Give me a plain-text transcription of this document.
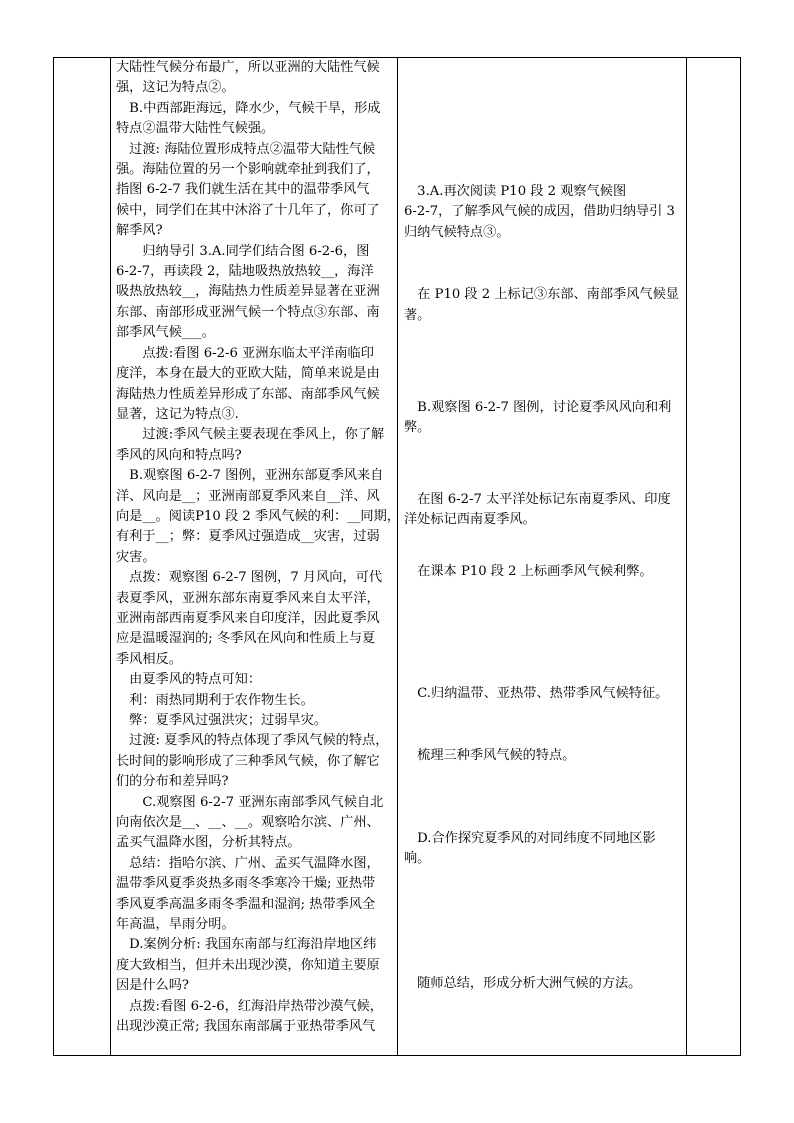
大陆性气候分布最广，所以亚洲的大陆性气候

强，这记为特点②。

　B.中西部距海远，降水少，气候干旱，形成

特点②温带大陆性气候强。

　过渡: 海陆位置形成特点②温带大陆性气候

强。海陆位置的另一个影响就牵扯到我们了，

指图 6-2-7 我们就生活在其中的温带季风气

候中，同学们在其中沐浴了十几年了，你可了

解季风?

　　归纳导引 3.A.同学们结合图 6-2-6，图

6-2-7，再读段 2，陆地吸热放热较__，海洋

吸热放热较__，海陆热力性质差异显著在亚洲

东部、南部形成亚洲气候一个特点③东部、南

部季风气候___。

　　点拨:看图 6-2-6 亚洲东临太平洋南临印

度洋，本身在最大的亚欧大陆，简单来说是由

海陆热力性质差异形成了东部、南部季风气候

显著，这记为特点③.

　　过渡:季风气候主要表现在季风上，你了解

季风的风向和特点吗?

　B.观察图 6-2-7 图例，亚洲东部夏季风来自

洋、风向是__；亚洲南部夏季风来自__洋、风

向是__。阅读P10 段 2 季风气候的利：__同期，

有利于__；弊：夏季风过强造成__灾害，过弱

灾害。

　点拨：观察图 6-2-7 图例，7 月风向，可代

表夏季风，亚洲东部东南夏季风来自太平洋，

亚洲南部西南夏季风来自印度洋，因此夏季风

应是温暖湿润的; 冬季风在风向和性质上与夏

季风相反。

　由夏季风的特点可知：

　利：雨热同期利于农作物生长。

　弊：夏季风过强洪灾；过弱旱灾。

　过渡: 夏季风的特点体现了季风气候的特点，

长时间的影响形成了三种季风气候，你了解它

们的分布和差异吗?

　　C.观察图 6-2-7 亚洲东南部季风气候自北

向南依次是__、__、__。观察哈尔滨、广州、

孟买气温降水图，分析其特点。

　总结：指哈尔滨、广州、孟买气温降水图，

温带季风夏季炎热多雨冬季寒冷干燥; 亚热带

季风夏季高温多雨冬季温和湿润; 热带季风全

年高温，旱雨分明。

　D.案例分析: 我国东南部与红海沿岸地区纬

度大致相当，但并未出现沙漠，你知道主要原

因是什么吗?

　点拨:看图 6-2-6，红海沿岸热带沙漠气候，

出现沙漠正常; 我国东南部属于亚热带季风气

　3.A.再次阅读 P10 段 2 观察气候图

6-2-7，了解季风气候的成因，借助归纳导引 3

归纳气候特点③。

　在 P10 段 2 上标记③东部、南部季风气候显

著。

　B.观察图 6-2-7 图例，讨论夏季风风向和利

弊。

　在图 6-2-7 太平洋处标记东南夏季风、印度

洋处标记西南夏季风。

　在课本 P10 段 2 上标画季风气候利弊。

　C.归纳温带、亚热带、热带季风气候特征。

　梳理三种季风气候的特点。

　D.合作探究夏季风的对同纬度不同地区影

响。

　随师总结，形成分析大洲气候的方法。
